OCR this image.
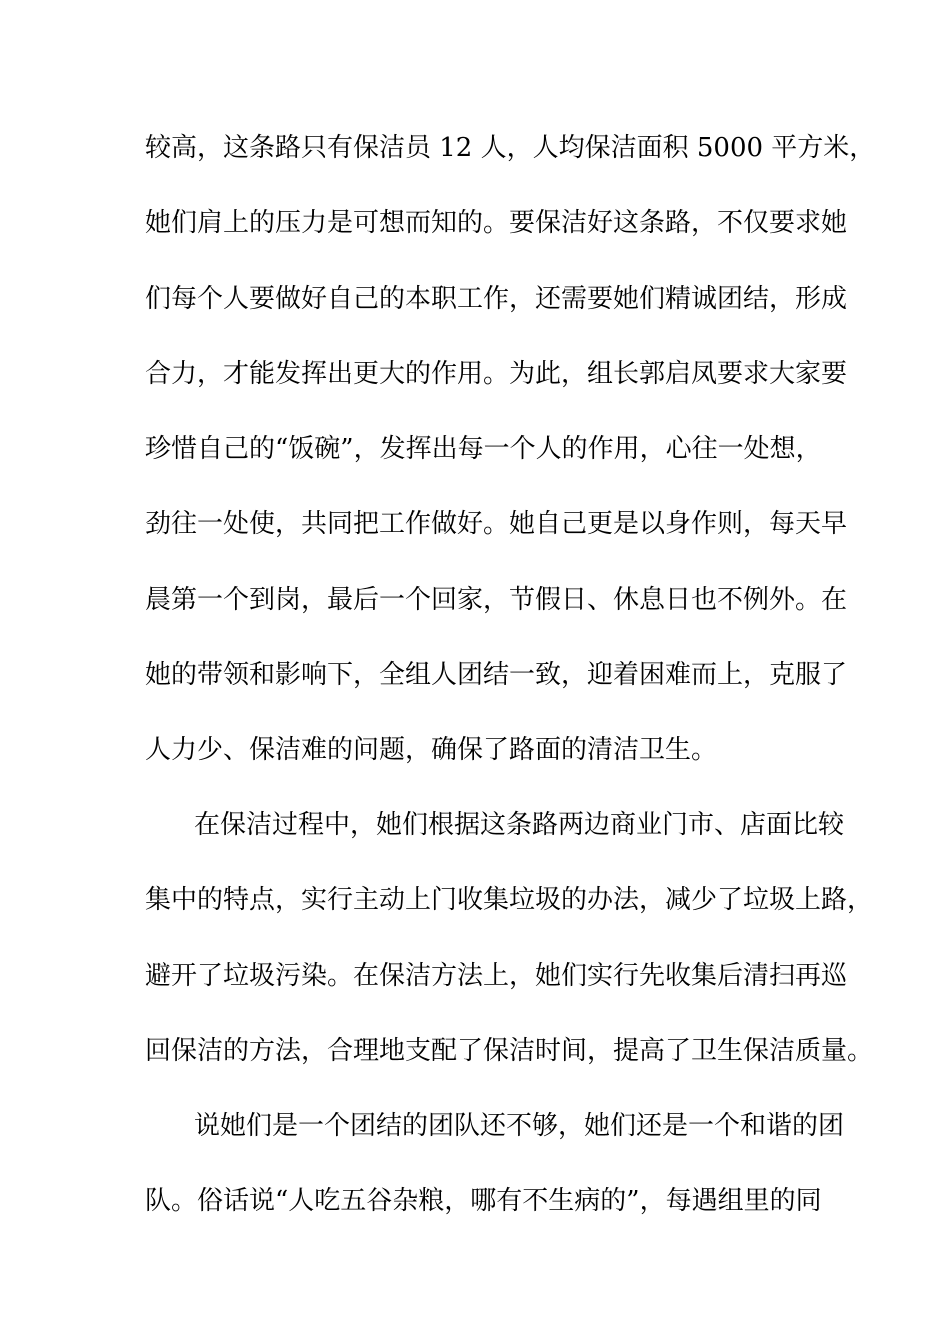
较高，这条路只有保洁员 12 人，人均保洁面积 5000 平方米，
她们肩上的压力是可想而知的。要保洁好这条路，不仅要求她
们每个人要做好自己的本职工作，还需要她们精诚团结，形成
合力，才能发挥出更大的作用。为此，组长郭启凤要求大家要
珍惜自己的“饭碗”，发挥出每一个人的作用，心往一处想，
劲往一处使，共同把工作做好。她自己更是以身作则，每天早
晨第一个到岗，最后一个回家，节假日、休息日也不例外。在
她的带领和影响下，全组人团结一致，迎着困难而上，克服了
人力少、保洁难的问题，确保了路面的清洁卫生。
在保洁过程中，她们根据这条路两边商业门市、店面比较
集中的特点，实行主动上门收集垃圾的办法，减少了垃圾上路，
避开了垃圾污染。在保洁方法上，她们实行先收集后清扫再巡
回保洁的方法，合理地支配了保洁时间，提高了卫生保洁质量。
说她们是一个团结的团队还不够，她们还是一个和谐的团
队。俗话说“人吃五谷杂粮，哪有不生病的”，每遇组里的同
